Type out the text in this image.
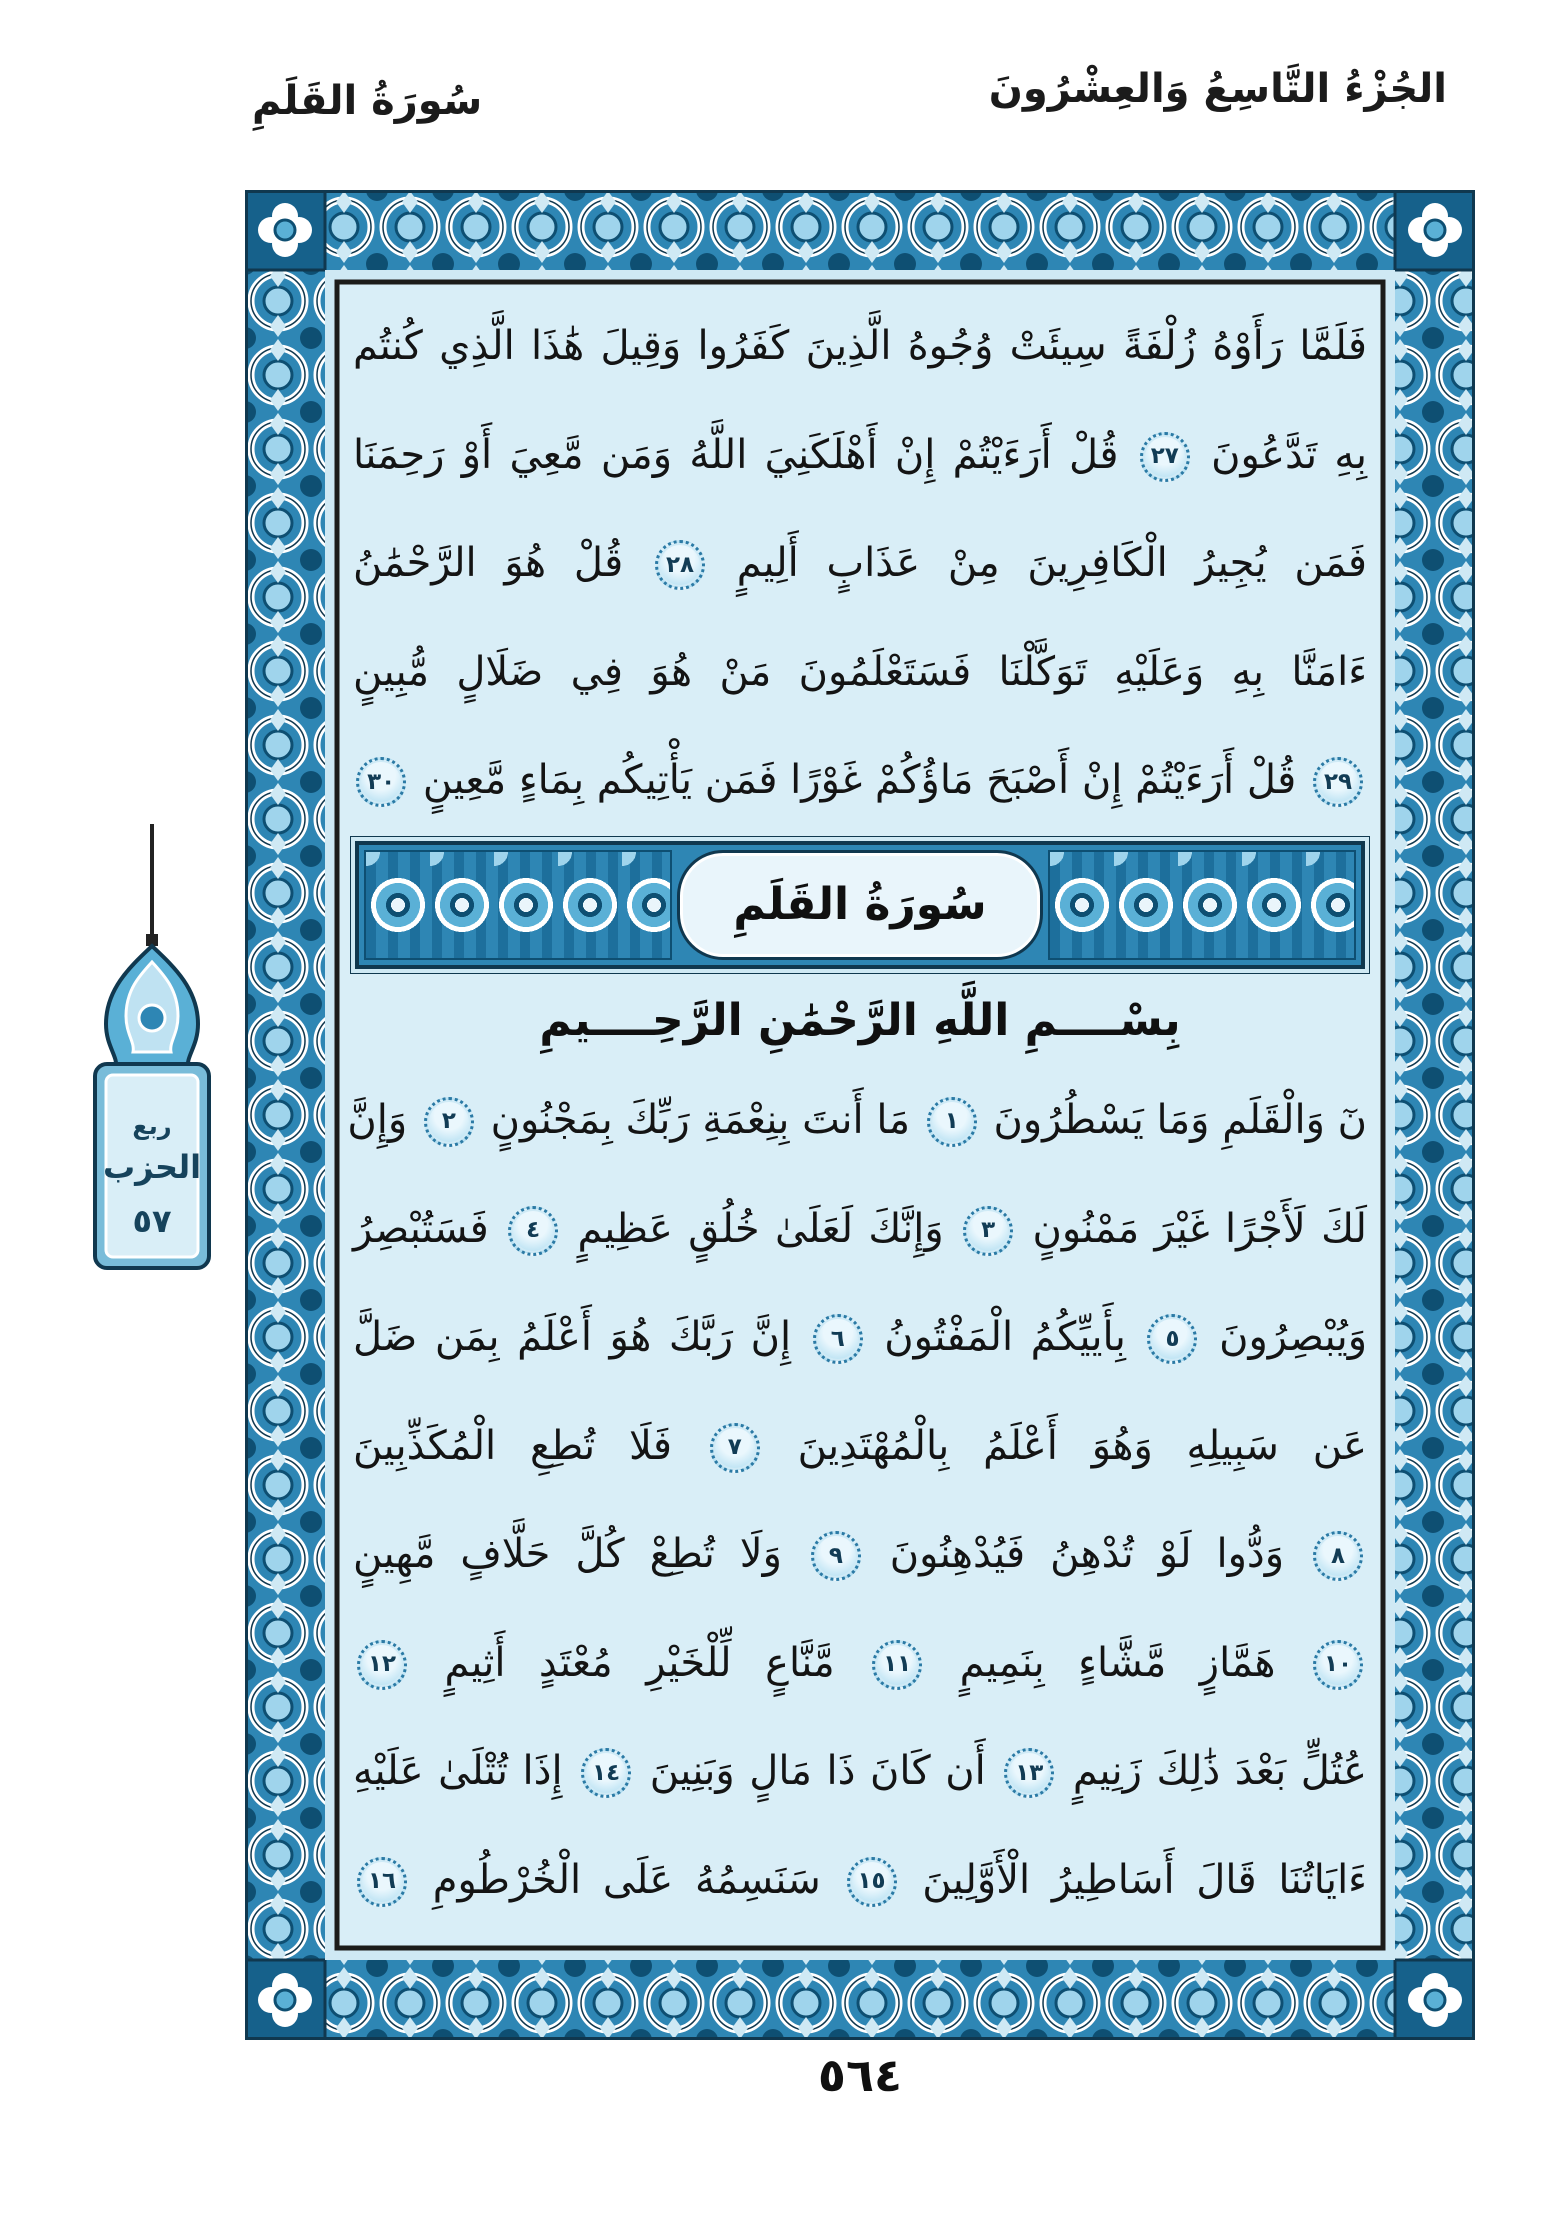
سُورَةُ القَلَمِ	الجُزْءُ التَّاسِعُ وَالعِشْرُونَ
فَلَمَّا رَأَوْهُ زُلْفَةً سِيئَتْ وُجُوهُ الَّذِينَ كَفَرُوا وَقِيلَ هَٰذَا الَّذِي كُنتُم
بِهِ تَدَّعُونَ ٢٧ قُلْ أَرَءَيْتُمْ إِنْ أَهْلَكَنِيَ اللَّهُ وَمَن مَّعِيَ أَوْ رَحِمَنَا
فَمَن يُجِيرُ الْكَافِرِينَ مِنْ عَذَابٍ أَلِيمٍ ٢٨ قُلْ هُوَ الرَّحْمَٰنُ
ءَامَنَّا بِهِ وَعَلَيْهِ تَوَكَّلْنَا فَسَتَعْلَمُونَ مَنْ هُوَ فِي ضَلَالٍ مُّبِينٍ
٢٩ قُلْ أَرَءَيْتُمْ إِنْ أَصْبَحَ مَاؤُكُمْ غَوْرًا فَمَن يَأْتِيكُم بِمَاءٍ مَّعِينٍ ٣٠
سُورَةُ القَلَمِ
بِسْــــمِ اللَّهِ الرَّحْمَٰنِ الرَّحِــــيمِ
نٓ وَالْقَلَمِ وَمَا يَسْطُرُونَ ١ مَا أَنتَ بِنِعْمَةِ رَبِّكَ بِمَجْنُونٍ ٢ وَإِنَّ
لَكَ لَأَجْرًا غَيْرَ مَمْنُونٍ ٣ وَإِنَّكَ لَعَلَىٰ خُلُقٍ عَظِيمٍ ٤ فَسَتُبْصِرُ
وَيُبْصِرُونَ ٥ بِأَييِّكُمُ الْمَفْتُونُ ٦ إِنَّ رَبَّكَ هُوَ أَعْلَمُ بِمَن ضَلَّ
عَن سَبِيلِهِ وَهُوَ أَعْلَمُ بِالْمُهْتَدِينَ ٧ فَلَا تُطِعِ الْمُكَذِّبِينَ
٨ وَدُّوا لَوْ تُدْهِنُ فَيُدْهِنُونَ ٩ وَلَا تُطِعْ كُلَّ حَلَّافٍ مَّهِينٍ
١٠ هَمَّازٍ مَّشَّاءٍ بِنَمِيمٍ ١١ مَّنَّاعٍ لِّلْخَيْرِ مُعْتَدٍ أَثِيمٍ ١٢
عُتُلٍّ بَعْدَ ذَٰلِكَ زَنِيمٍ ١٣ أَن كَانَ ذَا مَالٍ وَبَنِينَ ١٤ إِذَا تُتْلَىٰ عَلَيْهِ
ءَايَاتُنَا قَالَ أَسَاطِيرُ الْأَوَّلِينَ ١٥ سَنَسِمُهُ عَلَى الْخُرْطُومِ ١٦
ربع
الحزب
٥٧
٥٦٤
